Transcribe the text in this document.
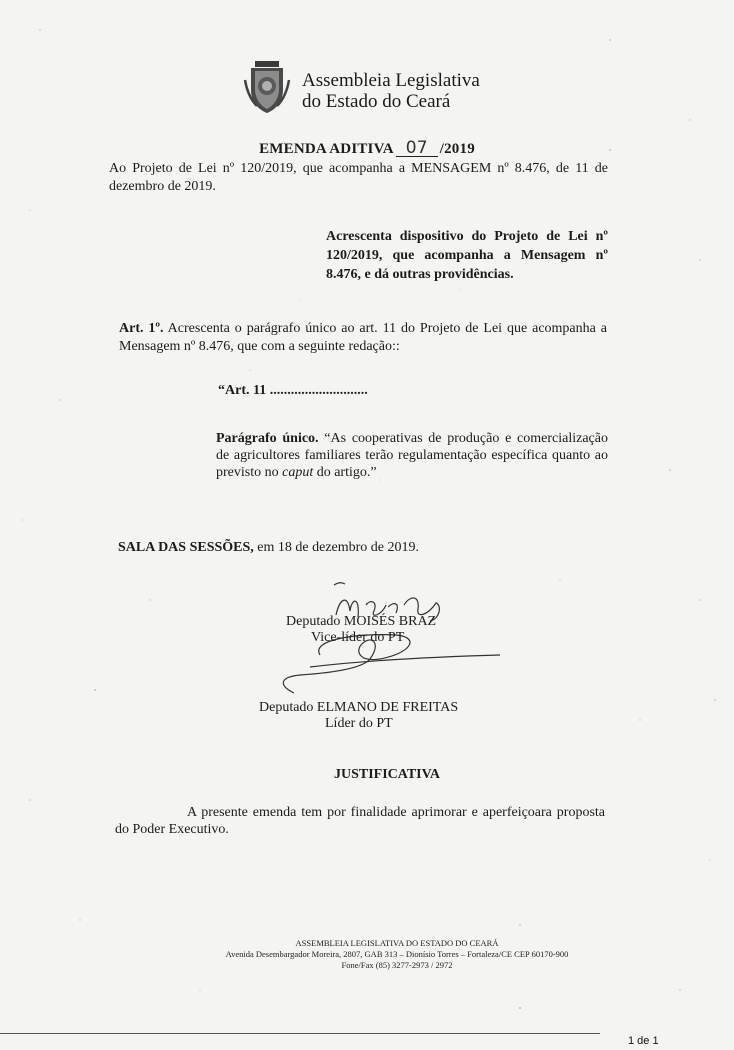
Assembleia Legislativa
do Estado do Ceará
EMENDA ADITIVA 07 /2019
Ao Projeto de Lei nº 120/2019, que acompanha a MENSAGEM nº 8.476, de 11 de dezembro de 2019.
Acrescenta dispositivo do Projeto de Lei nº 120/2019, que acompanha a Mensagem nº 8.476, e dá outras providências.
Art. 1º. Acrescenta o parágrafo único ao art. 11 do Projeto de Lei que acompanha a Mensagem nº 8.476, que com a seguinte redação::
“Art. 11 ............................
Parágrafo único. “As cooperativas de produção e comercialização de agricultores familiares terão regulamentação específica quanto ao previsto no caput do artigo.”
SALA DAS SESSÕES, em 18 de dezembro de 2019.
Deputado MOISÉS BRAZ
Vice-líder do PT
Deputado ELMANO DE FREITAS
Líder do PT
JUSTIFICATIVA
A presente emenda tem por finalidade aprimorar e aperfeiçoara proposta do Poder Executivo.
ASSEMBLEIA LEGISLATIVA DO ESTADO DO CEARÁ
Avenida Desembargador Moreira, 2807, GAB 313 – Dionísio Torres – Fortaleza/CE CEP 60170-900
Fone/Fax (85) 3277-2973 / 2972
1 de 1
